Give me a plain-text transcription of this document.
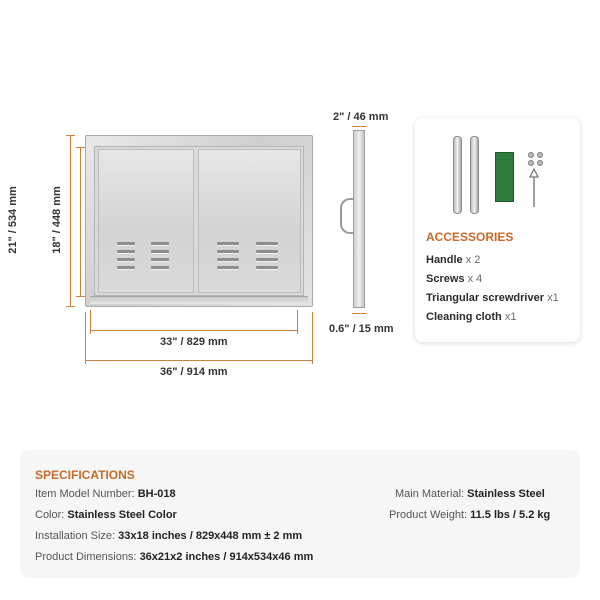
21" / 534 mm	18" / 448 mm
33" / 829 mm
36" / 914 mm
2" / 46 mm
0.6" / 15 mm
ACCESSORIES
Handle x 2
Screws x 4
Triangular screwdriver x1
Cleaning cloth x1
SPECIFICATIONS
Item Model Number: BH-018
Color: Stainless Steel Color
Installation Size: 33x18 inches / 829x448 mm ± 2 mm
Product Dimensions: 36x21x2 inches / 914x534x46 mm
Main Material: Stainless Steel
Product Weight: 11.5 lbs / 5.2 kg
